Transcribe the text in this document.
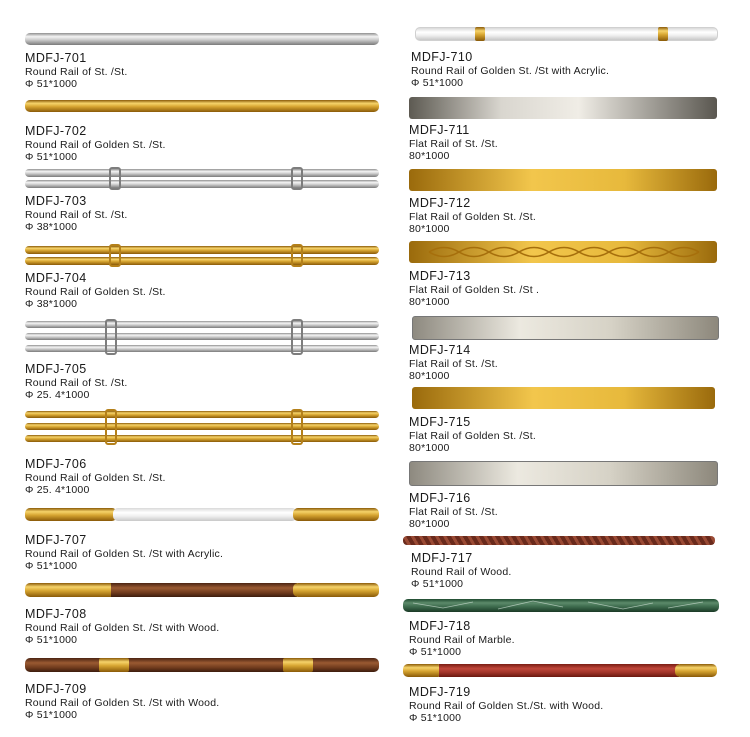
MDFJ-701
Round Rail of St. /St.
Φ 51*1000
MDFJ-702
Round Rail of Golden St. /St.
Φ 51*1000
MDFJ-703
Round Rail of St. /St.
Φ 38*1000
MDFJ-704
Round Rail of Golden St. /St.
Φ 38*1000
MDFJ-705
Round Rail of St. /St.
Φ 25. 4*1000
MDFJ-706
Round Rail of Golden St. /St.
Φ 25. 4*1000
MDFJ-707
Round Rail of Golden St. /St with Acrylic.
Φ 51*1000
MDFJ-708
Round Rail of Golden St. /St with Wood.
Φ 51*1000
MDFJ-709
Round Rail of Golden St. /St with Wood.
Φ 51*1000
MDFJ-710
Round Rail of Golden St. /St with Acrylic.
Φ 51*1000
MDFJ-711
Flat Rail of St. /St.
80*1000
MDFJ-712
Flat Rail of Golden St. /St.
80*1000
MDFJ-713
Flat Rail of Golden St. /St .
80*1000
MDFJ-714
Flat Rail of St. /St.
80*1000
MDFJ-715
Flat Rail of Golden St. /St.
80*1000
MDFJ-716
Flat Rail of St. /St.
80*1000
MDFJ-717
Round Rail of Wood.
Φ 51*1000
MDFJ-718
Round Rail of Marble.
Φ 51*1000
MDFJ-719
Round Rail of Golden St./St. with Wood.
Φ 51*1000
